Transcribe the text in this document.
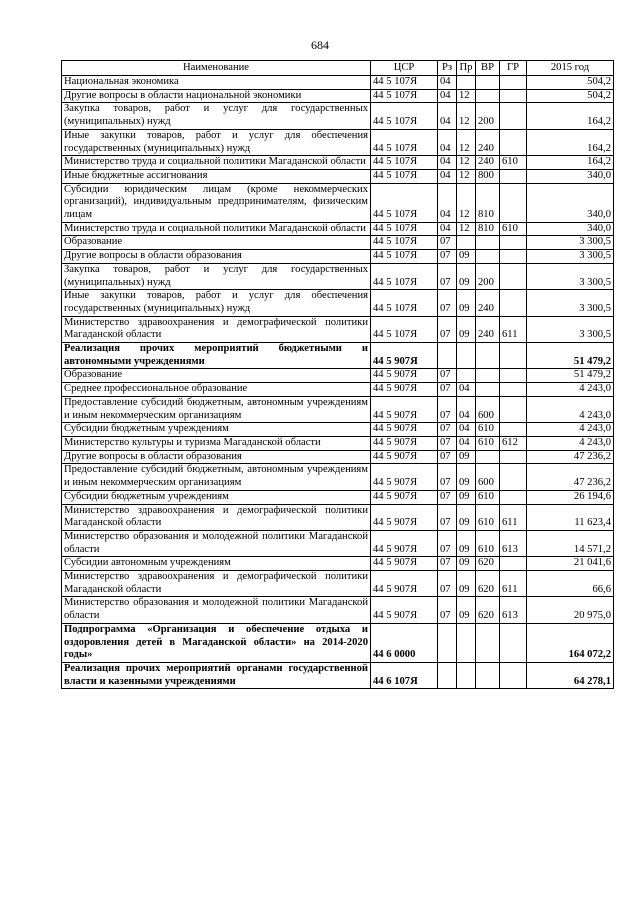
684
Наименование	ЦСР	Рз	Пр	ВР	ГР	2015 год
Национальная экономика	44 5 107Я	04				504,2
Другие вопросы в области национальной экономики	44 5 107Я	04	12			504,2
Закупка товаров, работ и услуг для государственных (муниципальных) нужд	44 5 107Я	04	12	200		164,2
Иные закупки товаров, работ и услуг для обеспечения государственных (муниципальных) нужд	44 5 107Я	04	12	240		164,2
Министерство труда и социальной политики Магаданской области	44 5 107Я	04	12	240	610	164,2
Иные бюджетные ассигнования	44 5 107Я	04	12	800		340,0
Субсидии юридическим лицам (кроме некоммерческих организаций), индивидуальным предпринимателям, физическим лицам	44 5 107Я	04	12	810		340,0
Министерство труда и социальной политики Магаданской области	44 5 107Я	04	12	810	610	340,0
Образование	44 5 107Я	07				3 300,5
Другие вопросы в области образования	44 5 107Я	07	09			3 300,5
Закупка товаров, работ и услуг для государственных (муниципальных) нужд	44 5 107Я	07	09	200		3 300,5
Иные закупки товаров, работ и услуг для обеспечения государственных (муниципальных) нужд	44 5 107Я	07	09	240		3 300,5
Министерство здравоохранения и демографической политики Магаданской области	44 5 107Я	07	09	240	611	3 300,5
Реализация прочих мероприятий бюджетными и автономными учреждениями	44 5 907Я					51 479,2
Образование	44 5 907Я	07				51 479,2
Среднее профессиональное образование	44 5 907Я	07	04			4 243,0
Предоставление субсидий бюджетным, автономным учреждениям и иным некоммерческим организациям	44 5 907Я	07	04	600		4 243,0
Субсидии бюджетным учреждениям	44 5 907Я	07	04	610		4 243,0
Министерство культуры и туризма Магаданской области	44 5 907Я	07	04	610	612	4 243,0
Другие вопросы в области образования	44 5 907Я	07	09			47 236,2
Предоставление субсидий бюджетным, автономным учреждениям и иным некоммерческим организациям	44 5 907Я	07	09	600		47 236,2
Субсидии бюджетным учреждениям	44 5 907Я	07	09	610		26 194,6
Министерство здравоохранения и демографической политики Магаданской области	44 5 907Я	07	09	610	611	11 623,4
Министерство образования и молодежной политики Магаданской области	44 5 907Я	07	09	610	613	14 571,2
Субсидии автономным учреждениям	44 5 907Я	07	09	620		21 041,6
Министерство здравоохранения и демографической политики Магаданской области	44 5 907Я	07	09	620	611	66,6
Министерство образования и молодежной политики Магаданской области	44 5 907Я	07	09	620	613	20 975,0
Подпрограмма «Организация и обеспечение отдыха и оздоровления детей в Магаданской области» на 2014-2020 годы»	44 6 0000					164 072,2
Реализация прочих мероприятий органами государственной власти и казенными учреждениями	44 6 107Я					64 278,1
